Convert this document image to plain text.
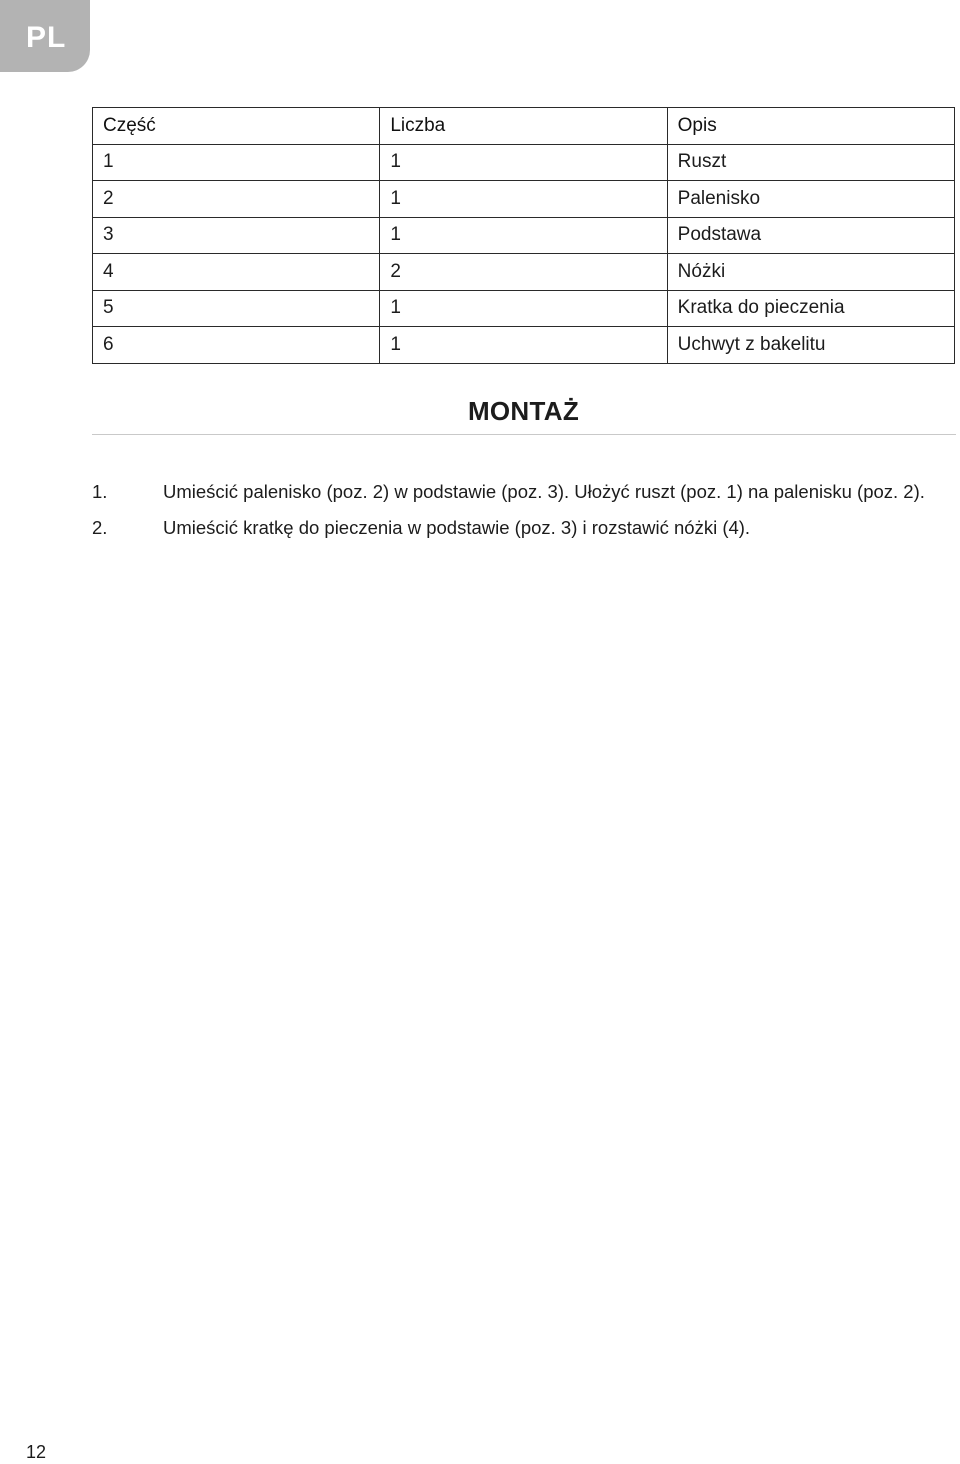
PL
Część	Liczba	Opis
1	1	Ruszt
2	1	Palenisko
3	1	Podstawa
4	2	Nóżki
5	1	Kratka do pieczenia
6	1	Uchwyt z bakelitu
MONTAŻ
1.	Umieścić palenisko (poz. 2) w podstawie (poz. 3). Ułożyć ruszt (poz. 1) na palenisku (poz. 2).
2.	Umieścić kratkę do pieczenia w podstawie (poz. 3) i rozstawić nóżki (4).
12
